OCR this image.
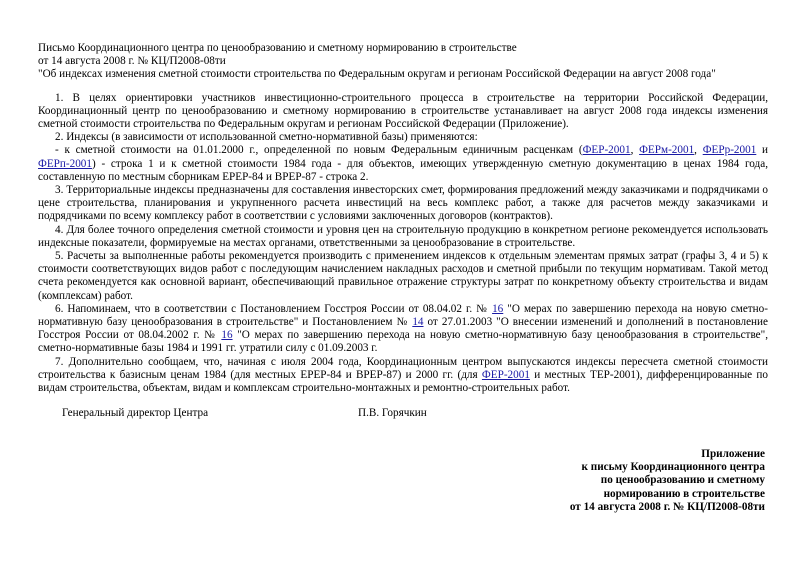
Письмо Координационного центра по ценообразованию и сметному нормированию в строительстве
от 14 августа 2008 г. № КЦ/П2008-08ти
"Об индексах изменения сметной стоимости строительства по Федеральным округам и регионам Российской Федерации на август 2008 года"

1. В целях ориентировки участников инвестиционно-строительного процесса в строительстве на территории Российской Федерации, Координационный центр по ценообразованию и сметному нормированию в строительстве устанавливает на август 2008 года индексы изменения сметной стоимости строительства по Федеральным округам и регионам Российской Федерации (Приложение).

2. Индексы (в зависимости от использованной сметно-нормативной базы) применяются:

- к сметной стоимости на 01.01.2000 г., определенной по новым Федеральным единичным расценкам (ФЕР-2001, ФЕРм-2001, ФЕРр-2001 и ФЕРп-2001) - строка 1 и к сметной стоимости 1984 года - для объектов, имеющих утвержденную сметную документацию в ценах 1984 года, составленную по местным сборникам ЕРЕР-84 и ВРЕР-87 - строка 2.

3. Территориальные индексы предназначены для составления инвесторских смет, формирования предложений между заказчиками и подрядчиками о цене строительства, планирования и укрупненного расчета инвестиций на весь комплекс работ, а также для расчетов между заказчиками и подрядчиками по всему комплексу работ в соответствии с условиями заключенных договоров (контрактов).

4. Для более точного определения сметной стоимости и уровня цен на строительную продукцию в конкретном регионе рекомендуется использовать индексные показатели, формируемые на местах органами, ответственными за ценообразование в строительстве.

5. Расчеты за выполненные работы рекомендуется производить с применением индексов к отдельным элементам прямых затрат (графы 3, 4 и 5) к стоимости соответствующих видов работ с последующим начислением накладных расходов и сметной прибыли по текущим нормативам. Такой метод счета рекомендуется как основной вариант, обеспечивающий правильное отражение структуры затрат по конкретному объекту строительства и видам (комплексам) работ.

6. Напоминаем, что в соответствии с Постановлением Госстроя России от 08.04.02 г. № 16 "О мерах по завершению перехода на новую сметно-нормативную базу ценообразования в строительстве" и Постановлением № 14 от 27.01.2003 "О внесении изменений и дополнений в постановление Госстроя России от 08.04.2002 г. № 16 "О мерах по завершению перехода на новую сметно-нормативную базу ценообразования в строительстве", сметно-нормативные базы 1984 и 1991 гг. утратили силу с 01.09.2003 г.

7. Дополнительно сообщаем, что, начиная с июля 2004 года, Координационным центром выпускаются индексы пересчета сметной стоимости строительства к базисным ценам 1984 (для местных ЕРЕР-84 и ВРЕР-87) и 2000 гг. (для ФЕР-2001 и местных ТЕР-2001), дифференцированные по видам строительства, объектам, видам и комплексам строительно-монтажных и ремонтно-строительных работ.

Генеральный директор Центра	П.В. Горячкин
Приложение
к письму Координационного центра
по ценообразованию и сметному
нормированию в строительстве
от 14 августа 2008 г. № КЦ/П2008-08ти
